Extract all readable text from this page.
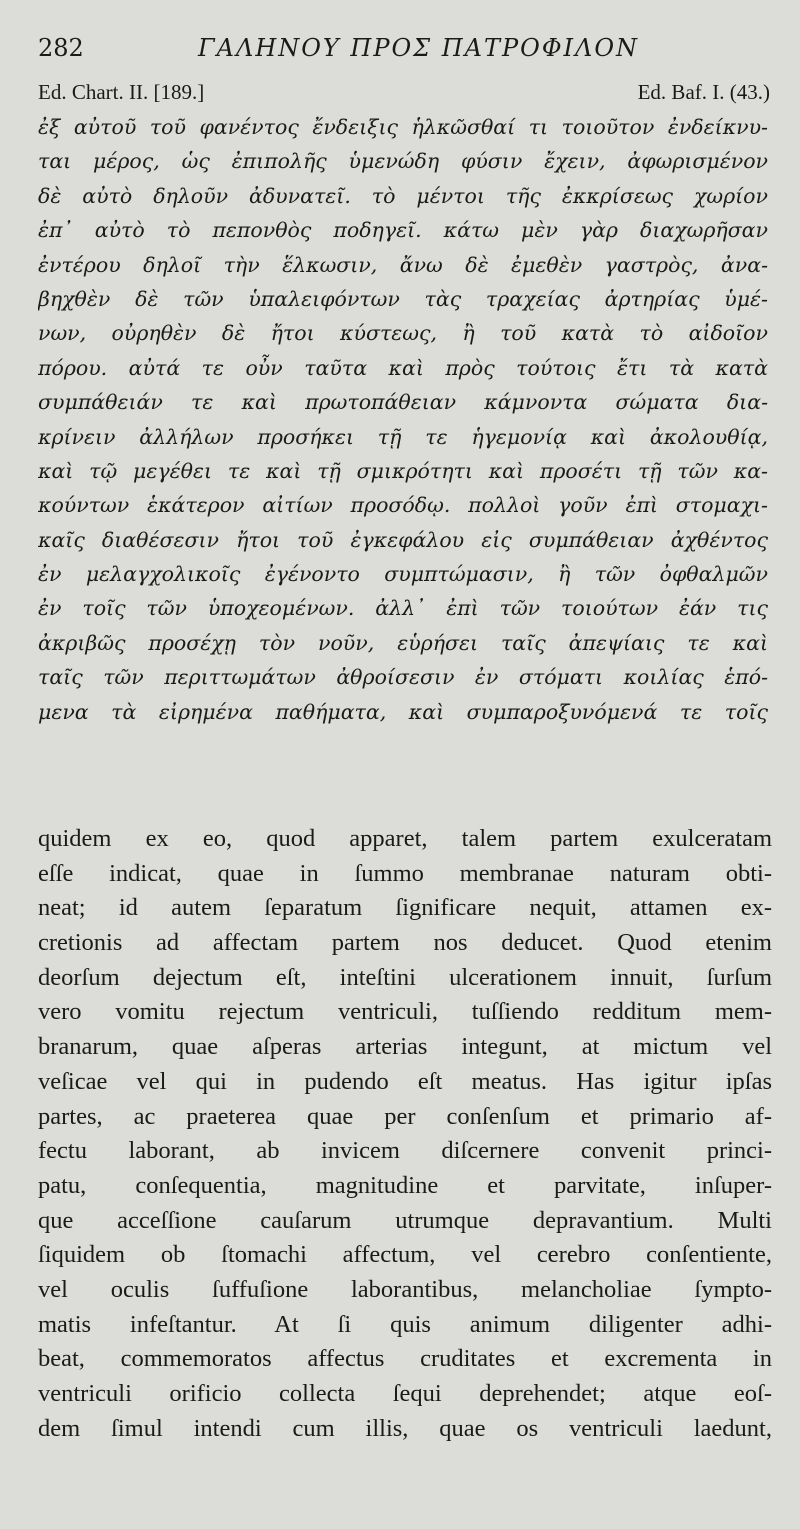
282	ΓΑΛΗΝΟΥ ΠΡΟΣ ΠΑΤΡΟΦΙΛΟΝ
Ed. Chart. II. [189.]	Ed. Baf. I. (43.)
ἐξ αὐτοῦ τοῦ φανέντος ἔνδειξις ἡλκῶσθαί τι τοιοῦτον ἐνδείκνυ-
ται μέρος, ὡς ἐπιπολῆς ὑμενώδη φύσιν ἔχειν, ἀφωρισμένον
δὲ αὐτὸ δηλοῦν ἀδυνατεῖ. τὸ μέντοι τῆς ἐκκρίσεως χωρίον
ἐπ᾽ αὐτὸ τὸ πεπονθὸς ποδηγεῖ. κάτω μὲν γὰρ διαχωρῆσαν
ἐντέρου δηλοῖ τὴν ἕλκωσιν, ἄνω δὲ ἐμεθὲν γαστρὸς, ἀνα-
βηχθὲν δὲ τῶν ὑπαλειφόντων τὰς τραχείας ἀρτηρίας ὑμέ-
νων, οὐρηθὲν δὲ ἤτοι κύστεως, ἢ τοῦ κατὰ τὸ αἰδοῖον
πόρου. αὐτά τε οὖν ταῦτα καὶ πρὸς τούτοις ἔτι τὰ κατὰ
συμπάθειάν τε καὶ πρωτοπάθειαν κάμνοντα σώματα δια-
κρίνειν ἀλλήλων προσήκει τῇ τε ἡγεμονίᾳ καὶ ἀκολουθίᾳ,
καὶ τῷ μεγέθει τε καὶ τῇ σμικρότητι καὶ προσέτι τῇ τῶν κα-
κούντων ἑκάτερον αἰτίων προσόδῳ. πολλοὶ γοῦν ἐπὶ στομαχι-
καῖς διαθέσεσιν ἤτοι τοῦ ἐγκεφάλου εἰς συμπάθειαν ἀχθέντος
ἐν μελαγχολικοῖς ἐγένοντο συμπτώμασιν, ἢ τῶν ὀφθαλμῶν
ἐν τοῖς τῶν ὑποχεομένων. ἀλλ᾽ ἐπὶ τῶν τοιούτων ἐάν τις
ἀκριβῶς προσέχῃ τὸν νοῦν, εὑρήσει ταῖς ἀπεψίαις τε καὶ
ταῖς τῶν περιττωμάτων ἀθροίσεσιν ἐν στόματι κοιλίας ἑπό-
μενα τὰ εἰρημένα παθήματα, καὶ συμπαροξυνόμενά τε τοῖς
quidem ex eo, quod apparet, talem partem exulceratam
eſſe indicat, quae in ſummo membranae naturam obti-
neat; id autem ſeparatum ſignificare nequit, attamen ex-
cretionis ad affectam partem nos deducet. Quod etenim
deorſum dejectum eſt, inteſtini ulcerationem innuit, ſurſum
vero vomitu rejectum ventriculi, tuſſiendo redditum mem-
branarum, quae aſperas arterias integunt, at mictum vel
veſicae vel qui in pudendo eſt meatus. Has igitur ipſas
partes, ac praeterea quae per conſenſum et primario af-
fectu laborant, ab invicem diſcernere convenit princi-
patu, conſequentia, magnitudine et parvitate, inſuper-
que acceſſione cauſarum utrumque depravantium. Multi
ſiquidem ob ſtomachi affectum, vel cerebro conſentiente,
vel oculis ſuffuſione laborantibus, melancholiae ſympto-
matis infeſtantur. At ſi quis animum diligenter adhi-
beat, commemoratos affectus cruditates et excrementa in
ventriculi orificio collecta ſequi deprehendet; atque eoſ-
dem ſimul intendi cum illis, quae os ventriculi laedunt,
